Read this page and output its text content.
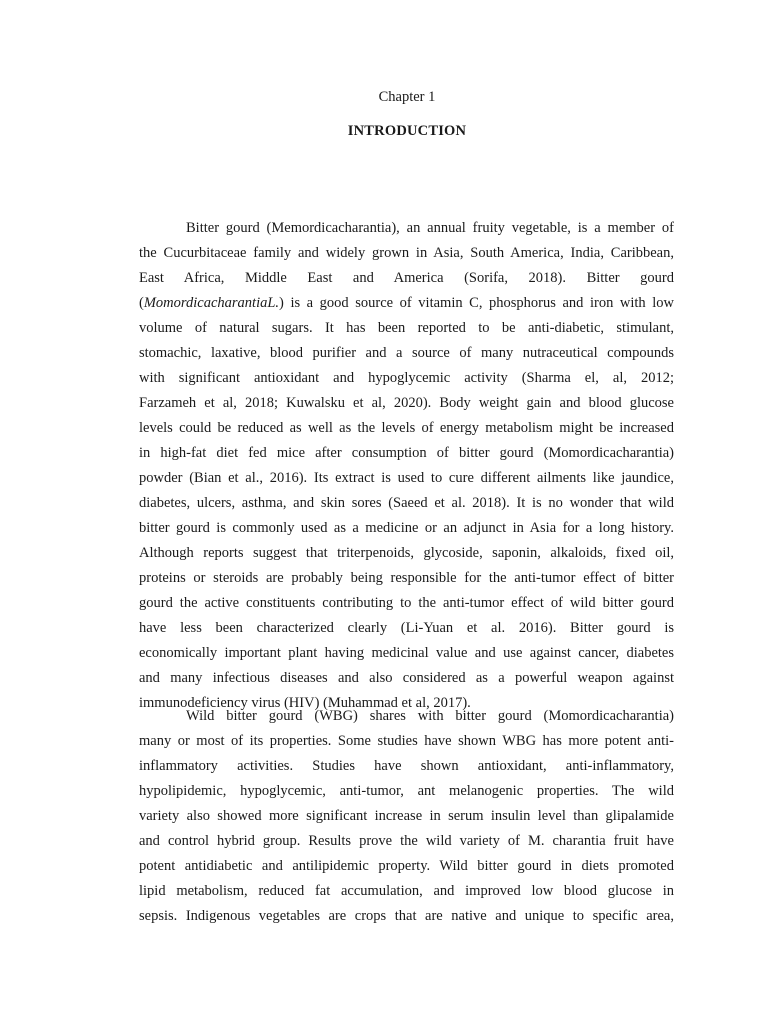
Chapter 1
INTRODUCTION
Bitter gourd (Memordicacharantia), an annual fruity vegetable, is a member of
the Cucurbitaceae family and widely grown in Asia, South America, India, Caribbean,
East Africa, Middle East and America (Sorifa, 2018). Bitter gourd
(MomordicacharantiaL.) is a good source of vitamin C, phosphorus and iron with low
volume of natural sugars. It has been reported to be anti-diabetic, stimulant,
stomachic, laxative, blood purifier and a source of many nutraceutical compounds
with significant antioxidant and hypoglycemic activity (Sharma el, al, 2012;
Farzameh et al, 2018; Kuwalsku et al, 2020). Body weight gain and blood glucose
levels could be reduced as well as the levels of energy metabolism might be increased
in high-fat diet fed mice after consumption of bitter gourd (Momordicacharantia)
powder (Bian et al., 2016). Its extract is used to cure different ailments like jaundice,
diabetes, ulcers, asthma, and skin sores (Saeed et al. 2018). It is no wonder that wild
bitter gourd is commonly used as a medicine or an adjunct in Asia for a long history.
Although reports suggest that triterpenoids, glycoside, saponin, alkaloids, fixed oil,
proteins or steroids are probably being responsible for the anti-tumor effect of bitter
gourd the active constituents contributing to the anti-tumor effect of wild bitter gourd
have less been characterized clearly (Li-Yuan et al. 2016). Bitter gourd is
economically important plant having medicinal value and use against cancer, diabetes
and many infectious diseases and also considered as a powerful weapon against
immunodeficiency virus (HIV) (Muhammad et al, 2017).
Wild bitter gourd (WBG) shares with bitter gourd (Momordicacharantia)
many or most of its properties. Some studies have shown WBG has more potent anti-
inflammatory activities. Studies have shown antioxidant, anti-inflammatory,
hypolipidemic, hypoglycemic, anti-tumor, ant melanogenic properties. The wild
variety also showed more significant increase in serum insulin level than glipalamide
and control hybrid group. Results prove the wild variety of M. charantia fruit have
potent antidiabetic and antilipidemic property. Wild bitter gourd in diets promoted
lipid metabolism, reduced fat accumulation, and improved low blood glucose in
sepsis. Indigenous vegetables are crops that are native and unique to specific area,
